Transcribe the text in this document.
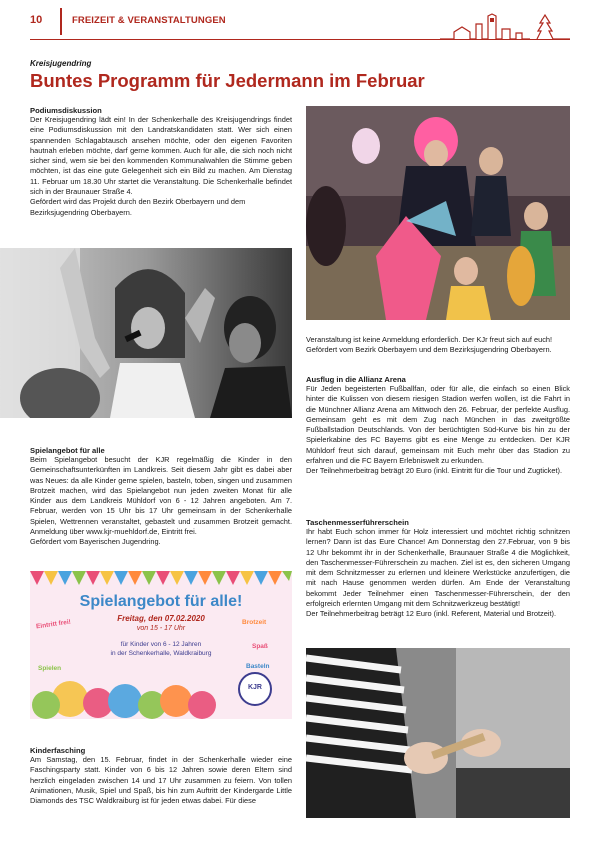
10	FREIZEIT & VERANSTALTUNGEN
Kreisjugendring
Buntes Programm für Jedermann im Februar

Podiumsdiskussion

Der Kreisjugendring lädt ein! In der Schenkerhalle des Kreisjugendrings findet eine Podiumsdiskussion mit den Landratskandidaten statt. Wer sich einen spannenden Schlagabtausch ansehen möchte, oder den eigenen Favoriten hautnah erleben möchte, darf gerne kommen. Auch für alle, die sich noch nicht sicher sind, wem sie bei den kommenden Kommunalwahlen die Stimme geben möchten, ist das eine gute Gelegenheit sich ein Bild zu machen. Am Dienstag 11. Februar um 18.30 Uhr startet die Veranstaltung. Die Schenkerhalle befindet sich in der Braunauer Straße 4.

Gefördert wird das Projekt durch den Bezirk Oberbayern und dem Bezirksjugendring Oberbayern.

Spielangebot für alle

Beim Spielangebot besucht der KJR regelmäßig die Kinder in den Gemeinschaftsunterkünften im Landkreis. Seit diesem Jahr gibt es dabei aber was Neues: da alle Kinder gerne spielen, basteln, toben, singen und zusammen Brotzeit machen, wird das Spielangebot nun jeden zweiten Monat für alle Kinder aus dem Landkreis Mühldorf von 6 - 12 Jahren angeboten. Am 7. Februar, werden von 15 Uhr bis 17 Uhr gemeinsam in der Schenkerhalle Spielen, Wettrennen veranstaltet, gebastelt und zusammen Brotzeit gemacht. Anmeldung über www.kjr-muehldorf.de, Eintritt frei.

Gefördert vom Bayerischen Jugendring.

Spielangebot für alle!
Freitag, den 07.02.2020
von 15 - 17 Uhr
für Kinder von 6 - 12 Jahren
in der Schenkerhalle, Waldkraiburg
Eintritt frei!	Brotzeit
Spaß
Spielen	Basteln
KJR

Kinderfasching

Am Samstag, den 15. Februar, findet in der Schenkerhalle wieder eine Faschingsparty statt. Kinder von 6 bis 12 Jahren sowie deren Eltern sind herzlich eingeladen zwischen 14 und 17 Uhr zusammen zu feiern. Von tollen Animationen, Musik, Spiel und Spaß, bis hin zum Auftritt der Kindergarde Little Diamonds des TSC Waldkraiburg ist für jeden etwas dabei. Für diese

Veranstaltung ist keine Anmeldung erforderlich. Der KJr freut sich auf euch! Gefördert vom Bezirk Oberbayern und dem Bezirksjugendring Oberbayern.

Ausflug in die Allianz Arena

Für Jeden begeisterten Fußballfan, oder für alle, die einfach so einen Blick hinter die Kulissen von diesem riesigen Stadion werfen wollen, ist die Fahrt in die Münchner Allianz Arena am Mittwoch den 26. Februar, der perfekte Ausflug. Gemeinsam geht es mit dem Zug nach München in das zweitgrößte Fußballstadion Deutschlands. Von der berüchtigten Süd-Kurve bis hin zu der Spielerkabine des FC Bayerns gibt es eine Menge zu entdecken. Der KJR Mühldorf freut sich darauf, gemeinsam mit Euch mehr über das Stadion zu erfahren und die FC Bayern Erlebniswelt zu erkunden.

Der Teilnehmerbeitrag beträgt 20 Euro (inkl. Eintritt für die Tour und Zugticket).

Taschenmesserführerschein

Ihr habt Euch schon immer für Holz interessiert und möchtet richtig schnitzen lernen? Dann ist das Eure Chance! Am Donnerstag den 27.Februar, von 9 bis 12 Uhr bekommt ihr in der Schenkerhalle, Braunauer Straße 4 die Möglichkeit, den Taschenmesser-Führerschein zu machen. Ziel ist es, den sicheren Umgang mit dem Schnitzmesser zu erlernen und kleinere Werkstücke anzufertigen, die mit nach Hause genommen werden dürfen. Am Ende der Veranstaltung bekommt Jeder Teilnehmer einen Taschenmesser-Führerschein, der den erfolgreich erlernten Umgang mit dem Schnitzwerkzeug bestätigt!

Der Teilnehmerbeitrag beträgt 12 Euro (inkl. Referent, Material und Brotzeit).
